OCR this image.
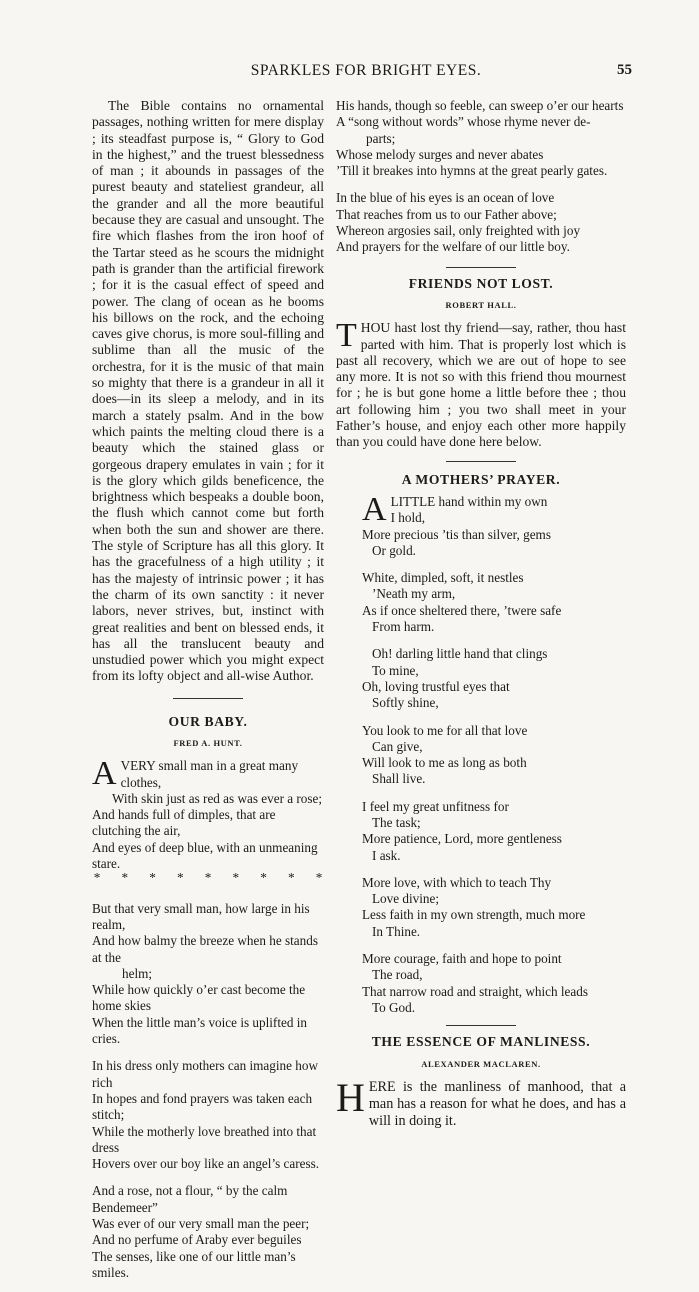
SPARKLES FOR BRIGHT EYES.	55

The Bible contains no ornamental passages, nothing written for mere display ; its steadfast purpose is, “ Glory to God in the highest,” and the truest blessedness of man ; it abounds in passages of the purest beauty and stateliest grandeur, all the grander and all the more beautiful because they are casual and unsought. The fire which flashes from the iron hoof of the Tartar steed as he scours the midnight path is grander than the artificial firework ; for it is the casual effect of speed and power. The clang of ocean as he booms his billows on the rock, and the echoing caves give chorus, is more soul-filling and sublime than all the music of the orchestra, for it is the music of that main so mighty that there is a grandeur in all it does—in its sleep a melody, and in its march a stately psalm. And in the bow which paints the melting cloud there is a beauty which the stained glass or gorgeous drapery emulates in vain ; for it is the glory which gilds beneficence, the brightness which bespeaks a double boon, the flush which cannot come but forth when both the sun and shower are there. The style of Scripture has all this glory. It has the gracefulness of a high utility ; it has the majesty of intrinsic power ; it has the charm of its own sanctity : it never labors, never strives, but, instinct with great realities and bent on blessed ends, it has all the translucent beauty and unstudied power which you might expect from its lofty object and all-wise Author.

OUR BABY.
FRED A. HUNT.
A VERY small man in a great many clothes,
With skin just as red as was ever a rose;
And hands full of dimples, that are clutching the air,
And eyes of deep blue, with an unmeaning stare.
* * * * * * * * *
But that very small man, how large in his realm,
And how balmy the breeze when he stands at the
helm;
While how quickly o’er cast become the home skies
When the little man’s voice is uplifted in cries.
In his dress only mothers can imagine how rich
In hopes and fond prayers was taken each stitch;
While the motherly love breathed into that dress
Hovers over our boy like an angel’s caress.
And a rose, not a flour, “ by the calm Bendemeer”
Was ever of our very small man the peer;
And no perfume of Araby ever beguiles
The senses, like one of our little man’s smiles.
His hands, though so feeble, can sweep o’er our hearts
A “song without words” whose rhyme never de-
parts;
Whose melody surges and never abates
’Till it breakes into hymns at the great pearly gates.
In the blue of his eyes is an ocean of love
That reaches from us to our Father above;
Whereon argosies sail, only freighted with joy
And prayers for the welfare of our little boy.
FRIENDS NOT LOST.
ROBERT HALL.

T HOU hast lost thy friend—say, rather, thou hast parted with him. That is properly lost which is past all recovery, which we are out of hope to see any more. It is not so with this friend thou mournest for ; he is but gone home a little before thee ; thou art following him ; you two shall meet in your Father’s house, and enjoy each other more happily than you could have done here below.

A MOTHERS’ PRAYER.
A LITTLE hand within my own
I hold,
More precious ’tis than silver, gems
Or gold.
White, dimpled, soft, it nestles
’Neath my arm,
As if once sheltered there, ’twere safe
From harm.
Oh! darling little hand that clings
To mine,
Oh, loving trustful eyes that
Softly shine,
You look to me for all that love
Can give,
Will look to me as long as both
Shall live.
I feel my great unfitness for
The task;
More patience, Lord, more gentleness
I ask.
More love, with which to teach Thy
Love divine;
Less faith in my own strength, much more
In Thine.
More courage, faith and hope to point
The road,
That narrow road and straight, which leads
To God.
THE ESSENCE OF MANLINESS.
ALEXANDER MACLAREN.

H ERE is the manliness of manhood, that a man has a reason for what he does, and has a will in doing it.
